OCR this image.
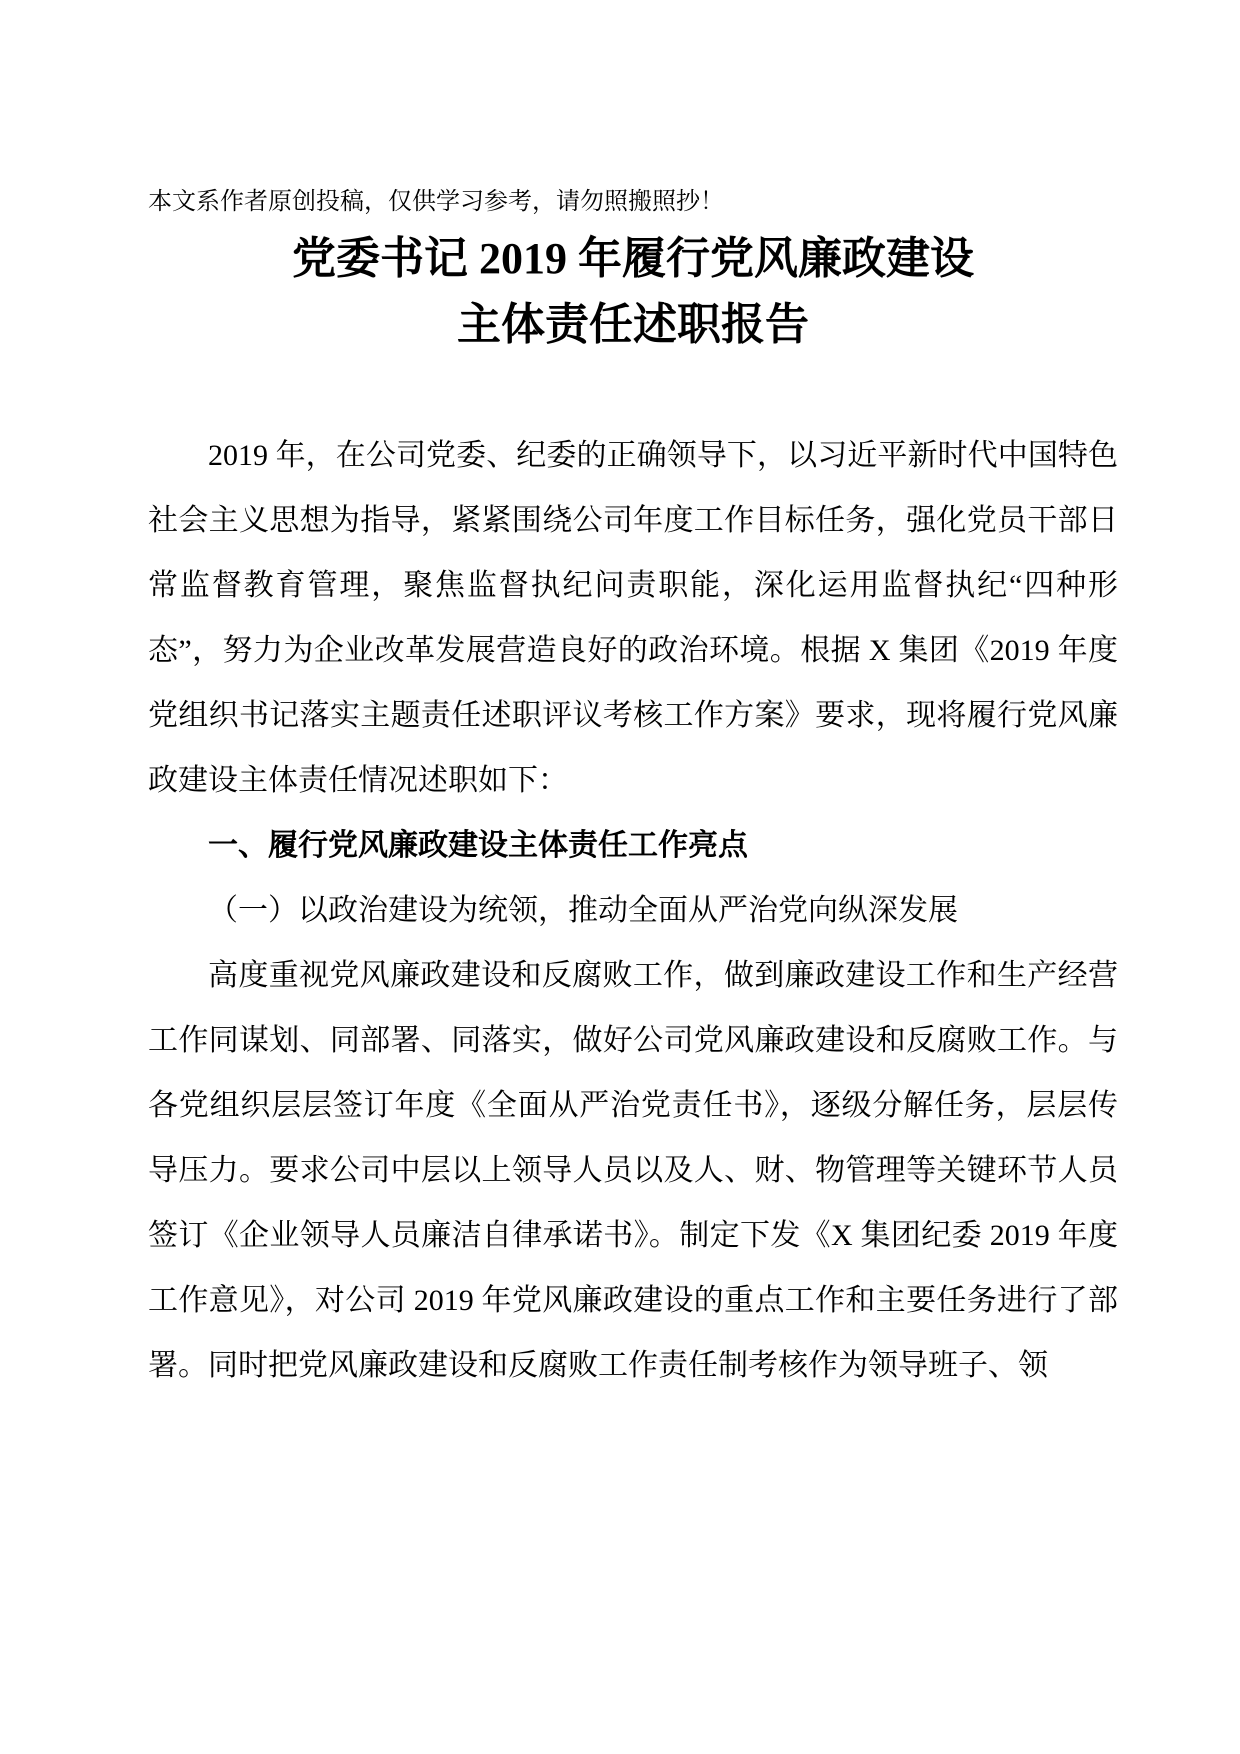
本文系作者原创投稿，仅供学习参考，请勿照搬照抄！

党委书记 2019 年履行党风廉政建设
主体责任述职报告

2019 年，在公司党委、纪委的正确领导下，以习近平新时代中国特色社会主义思想为指导，紧紧围绕公司年度工作目标任务，强化党员干部日常监督教育管理，聚焦监督执纪问责职能，深化运用监督执纪“四种形态”，努力为企业改革发展营造良好的政治环境。根据 X 集团《2019 年度党组织书记落实主题责任述职评议考核工作方案》要求，现将履行党风廉政建设主体责任情况述职如下：

一、履行党风廉政建设主体责任工作亮点

（一）以政治建设为统领，推动全面从严治党向纵深发展

高度重视党风廉政建设和反腐败工作，做到廉政建设工作和生产经营工作同谋划、同部署、同落实，做好公司党风廉政建设和反腐败工作。与各党组织层层签订年度《全面从严治党责任书》，逐级分解任务，层层传导压力。要求公司中层以上领导人员以及人、财、物管理等关键环节人员签订《企业领导人员廉洁自律承诺书》。制定下发《X 集团纪委 2019 年度工作意见》，对公司 2019 年党风廉政建设的重点工作和主要任务进行了部署。同时把党风廉政建设和反腐败工作责任制考核作为领导班子、领
